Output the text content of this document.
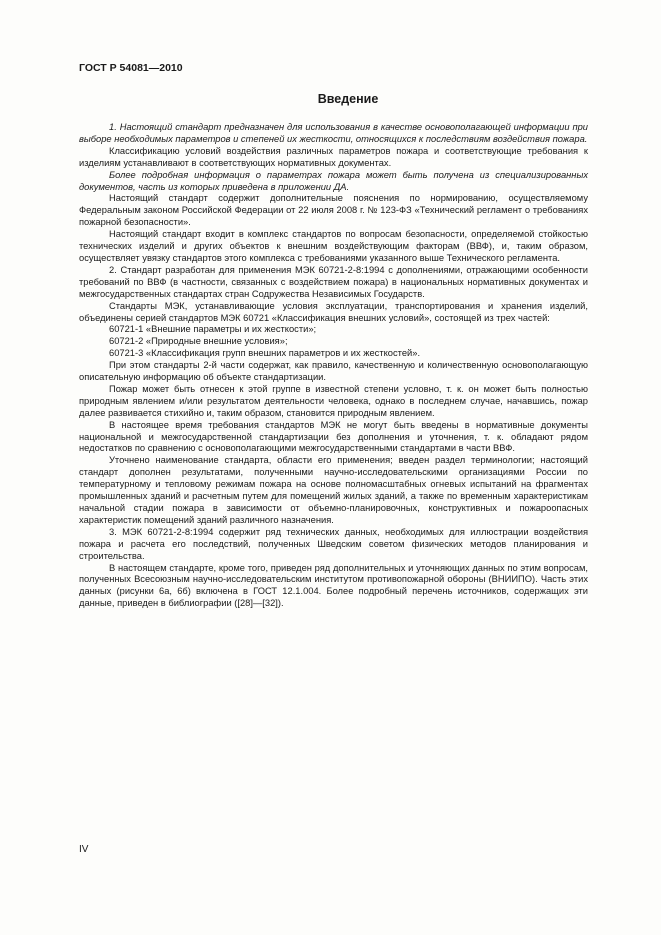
ГОСТ Р 54081—2010
Введение

1. Настоящий стандарт предназначен для использования в качестве основополагающей информации при выборе необходимых параметров и степеней их жесткости, относящихся к последствиям воздействия пожара.

Классификацию условий воздействия различных параметров пожара и соответствующие требования к изделиям устанавливают в соответствующих нормативных документах.

Более подробная информация о параметрах пожара может быть получена из специализированных документов, часть из которых приведена в приложении ДА.

Настоящий стандарт содержит дополнительные пояснения по нормированию, осуществляемому Федеральным законом Российской Федерации от 22 июля 2008 г. № 123-ФЗ «Технический регламент о требованиях пожарной безопасности».

Настоящий стандарт входит в комплекс стандартов по вопросам безопасности, определяемой стойкостью технических изделий и других объектов к внешним воздействующим факторам (ВВФ), и, таким образом, осуществляет увязку стандартов этого комплекса с требованиями указанного выше Технического регламента.

2. Стандарт разработан для применения МЭК 60721-2-8:1994 с дополнениями, отражающими особенности требований по ВВФ (в частности, связанных с воздействием пожара) в национальных нормативных документах и межгосударственных стандартах стран Содружества Независимых Государств.

Стандарты МЭК, устанавливающие условия эксплуатации, транспортирования и хранения изделий, объединены серией стандартов МЭК 60721 «Классификация внешних условий», состоящей из трех частей:

60721-1 «Внешние параметры и их жесткости»;

60721-2 «Природные внешние условия»;

60721-3 «Классификация групп внешних параметров и их жесткостей».

При этом стандарты 2-й части содержат, как правило, качественную и количественную основополагающую описательную информацию об объекте стандартизации.

Пожар может быть отнесен к этой группе в известной степени условно, т. к. он может быть полностью природным явлением и/или результатом деятельности человека, однако в последнем случае, начавшись, пожар далее развивается стихийно и, таким образом, становится природным явлением.

В настоящее время требования стандартов МЭК не могут быть введены в нормативные документы национальной и межгосударственной стандартизации без дополнения и уточнения, т. к. обладают рядом недостатков по сравнению с основополагающими межгосударственными стандартами в части ВВФ.

Уточнено наименование стандарта, области его применения; введен раздел терминологии; настоящий стандарт дополнен результатами, полученными научно-исследовательскими организациями России по температурному и тепловому режимам пожара на основе полномасштабных огневых испытаний на фрагментах промышленных зданий и расчетным путем для помещений жилых зданий, а также по временным характеристикам начальной стадии пожара в зависимости от объемно-планировочных, конструктивных и пожароопасных характеристик помещений зданий различного назначения.

3. МЭК 60721-2-8:1994 содержит ряд технических данных, необходимых для иллюстрации воздействия пожара и расчета его последствий, полученных Шведским советом физических методов планирования и строительства.

В настоящем стандарте, кроме того, приведен ряд дополнительных и уточняющих данных по этим вопросам, полученных Всесоюзным научно-исследовательским институтом противопожарной обороны (ВНИИПО). Часть этих данных (рисунки 6а, 6б) включена в ГОСТ 12.1.004. Более подробный перечень источников, содержащих эти данные, приведен в библиографии ([28]—[32]).

IV
